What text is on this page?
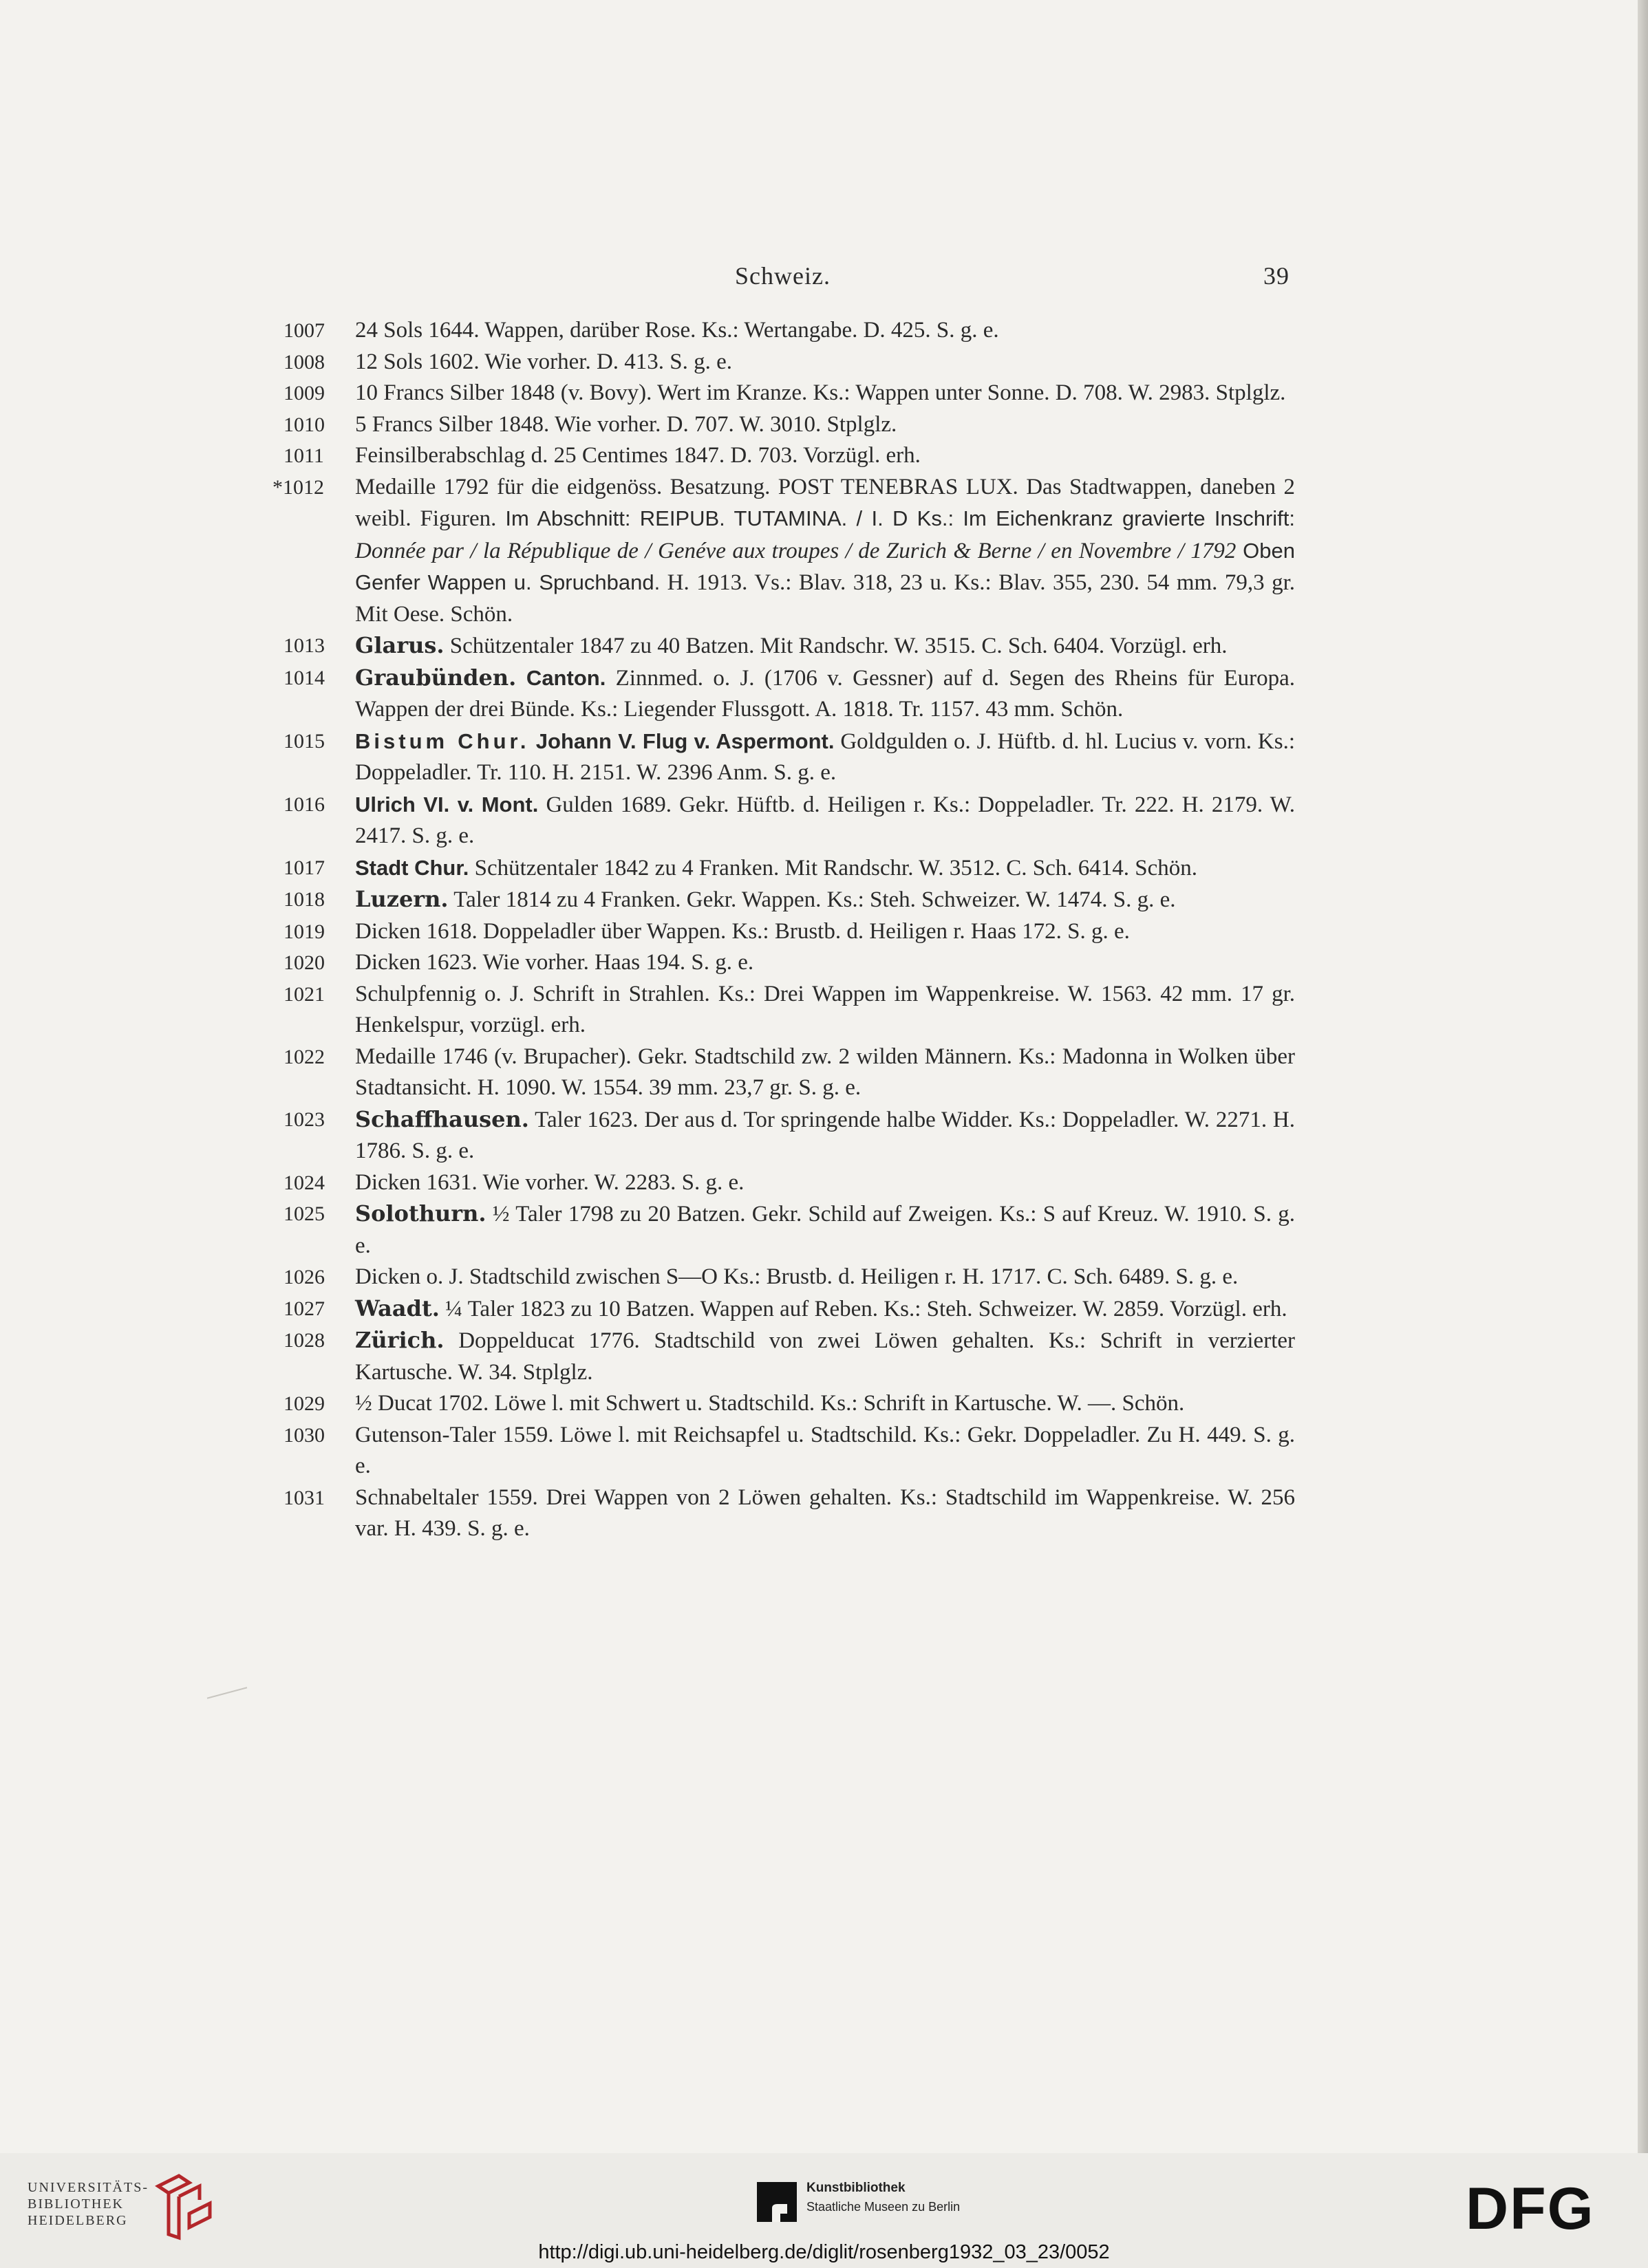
Schweiz.	39
1007	24 Sols 1644. Wappen, darüber Rose. Ks.: Wertangabe. D. 425. S. g. e.
1008	12 Sols 1602. Wie vorher. D. 413. S. g. e.
1009	10 Francs Silber 1848 (v. Bovy). Wert im Kranze. Ks.: Wappen unter Sonne. D. 708. W. 2983. Stplglz.
1010	5 Francs Silber 1848. Wie vorher. D. 707. W. 3010. Stplglz.
1011	Feinsilberabschlag d. 25 Centimes 1847. D. 703. Vorzügl. erh.
*1012	Medaille 1792 für die eidgenöss. Besatzung. POST TENEBRAS LUX. Das Stadtwappen, daneben 2 weibl. Figuren. Im Abschnitt: REIPUB. TUTAMINA. / I. D Ks.: Im Eichenkranz gravierte Inschrift: Donnée par / la République de / Genéve aux troupes / de Zurich & Berne / en Novembre / 1792 Oben Genfer Wappen u. Spruchband. H. 1913. Vs.: Blav. 318, 23 u. Ks.: Blav. 355, 230. 54 mm. 79,3 gr. Mit Oese. Schön.
1013	Glarus. Schützentaler 1847 zu 40 Batzen. Mit Randschr. W. 3515. C. Sch. 6404. Vorzügl. erh.
1014	Graubünden. Canton. Zinnmed. o. J. (1706 v. Gessner) auf d. Segen des Rheins für Europa. Wappen der drei Bünde. Ks.: Liegender Flussgott. A. 1818. Tr. 1157. 43 mm. Schön.
1015	Bistum Chur. Johann V. Flug v. Aspermont. Goldgulden o. J. Hüftb. d. hl. Lucius v. vorn. Ks.: Doppeladler. Tr. 110. H. 2151. W. 2396 Anm. S. g. e.
1016	Ulrich VI. v. Mont. Gulden 1689. Gekr. Hüftb. d. Heiligen r. Ks.: Doppeladler. Tr. 222. H. 2179. W. 2417. S. g. e.
1017	Stadt Chur. Schützentaler 1842 zu 4 Franken. Mit Randschr. W. 3512. C. Sch. 6414. Schön.
1018	Luzern. Taler 1814 zu 4 Franken. Gekr. Wappen. Ks.: Steh. Schweizer. W. 1474. S. g. e.
1019	Dicken 1618. Doppeladler über Wappen. Ks.: Brustb. d. Heiligen r. Haas 172. S. g. e.
1020	Dicken 1623. Wie vorher. Haas 194. S. g. e.
1021	Schulpfennig o. J. Schrift in Strahlen. Ks.: Drei Wappen im Wappenkreise. W. 1563. 42 mm. 17 gr. Henkelspur, vorzügl. erh.
1022	Medaille 1746 (v. Brupacher). Gekr. Stadtschild zw. 2 wilden Männern. Ks.: Madonna in Wolken über Stadtansicht. H. 1090. W. 1554. 39 mm. 23,7 gr. S. g. e.
1023	Schaffhausen. Taler 1623. Der aus d. Tor springende halbe Widder. Ks.: Doppeladler. W. 2271. H. 1786. S. g. e.
1024	Dicken 1631. Wie vorher. W. 2283. S. g. e.
1025	Solothurn. ½ Taler 1798 zu 20 Batzen. Gekr. Schild auf Zweigen. Ks.: S auf Kreuz. W. 1910. S. g. e.
1026	Dicken o. J. Stadtschild zwischen S—O Ks.: Brustb. d. Heiligen r. H. 1717. C. Sch. 6489. S. g. e.
1027	Waadt. ¼ Taler 1823 zu 10 Batzen. Wappen auf Reben. Ks.: Steh. Schweizer. W. 2859. Vorzügl. erh.
1028	Zürich. Doppelducat 1776. Stadtschild von zwei Löwen gehalten. Ks.: Schrift in verzierter Kartusche. W. 34. Stplglz.
1029	½ Ducat 1702. Löwe l. mit Schwert u. Stadtschild. Ks.: Schrift in Kartusche. W. —. Schön.
1030	Gutenson-Taler 1559. Löwe l. mit Reichsapfel u. Stadtschild. Ks.: Gekr. Doppeladler. Zu H. 449. S. g. e.
1031	Schnabeltaler 1559. Drei Wappen von 2 Löwen gehalten. Ks.: Stadtschild im Wappenkreise. W. 256 var. H. 439. S. g. e.
UNIVERSITÄTS-
BIBLIOTHEK
HEIDELBERG
Kunstbibliothek
Staatliche Museen zu Berlin	DFG
http://digi.ub.uni-heidelberg.de/diglit/rosenberg1932_03_23/0052
